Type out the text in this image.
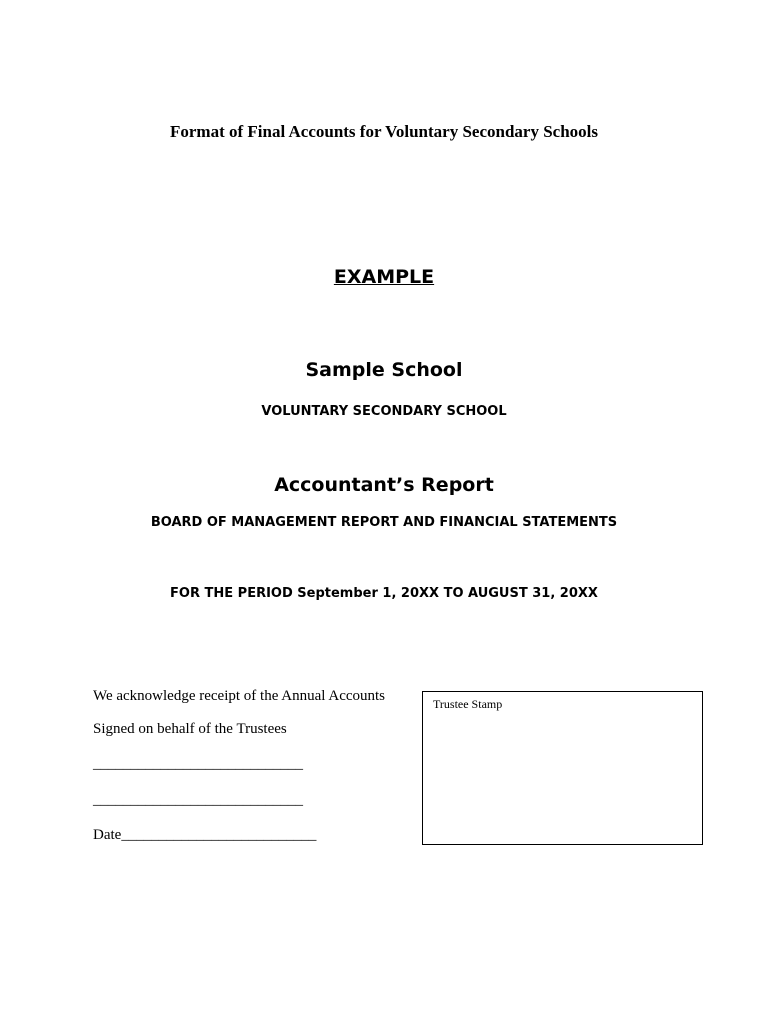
Format of Final Accounts for Voluntary Secondary Schools
EXAMPLE
Sample School
VOLUNTARY SECONDARY SCHOOL
Accountant’s Report
BOARD OF MANAGEMENT REPORT AND FINANCIAL STATEMENTS
FOR THE PERIOD September 1, 20XX TO AUGUST 31, 20XX
We acknowledge receipt of the Annual Accounts
Signed on behalf of the Trustees
____________________________
____________________________
Date__________________________
Trustee Stamp
